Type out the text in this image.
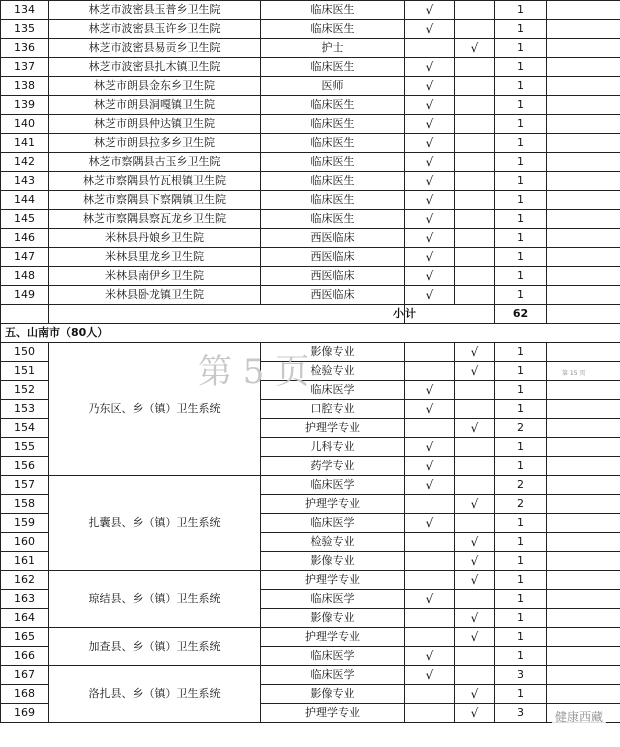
134	林芝市波密县玉普乡卫生院	临床医生	√		1	
135	林芝市波密县玉许乡卫生院	临床医生	√		1	
136	林芝市波密县易贡乡卫生院	护士		√	1	
137	林芝市波密县扎木镇卫生院	临床医生	√		1	
138	林芝市朗县金东乡卫生院	医师	√		1	
139	林芝市朗县洞嘎镇卫生院	临床医生	√		1	
140	林芝市朗县仲达镇卫生院	临床医生	√		1	
141	林芝市朗县拉多乡卫生院	临床医生	√		1	
142	林芝市察隅县古玉乡卫生院	临床医生	√		1	
143	林芝市察隅县竹瓦根镇卫生院	临床医生	√		1	
144	林芝市察隅县下察隅镇卫生院	临床医生	√		1	
145	林芝市察隅县察瓦龙乡卫生院	临床医生	√		1	
146	米林县丹娘乡卫生院	西医临床	√		1	
147	米林县里龙乡卫生院	西医临床	√		1	
148	米林县南伊乡卫生院	西医临床	√		1	
149	米林县卧龙镇卫生院	西医临床	√		1	
	小		计		62	
五、山南市（80人）						
150	乃东区、乡（镇）卫生系统	影像专业		√	1	
151		检验专业		√	1	
152		临床医学	√		1	
153		口腔专业	√		1	
154		护理学专业		√	2	
155		儿科专业	√		1	
156		药学专业	√		1	
157	扎囊县、乡（镇）卫生系统	临床医学	√		2	
158		护理学专业		√	2	
159		临床医学	√		1	
160		检验专业		√	1	
161		影像专业		√	1	
162	琼结县、乡（镇）卫生系统	护理学专业		√	1	
163		临床医学	√		1	
164		影像专业		√	1	
165	加查县、乡（镇）卫生系统	护理学专业		√	1	
166		临床医学	√		1	
167	洛扎县、乡（镇）卫生系统	临床医学	√		3	
168		影像专业		√	1	
169		护理学专业		√	3	
第 5 页	第 15 页
健康西藏
